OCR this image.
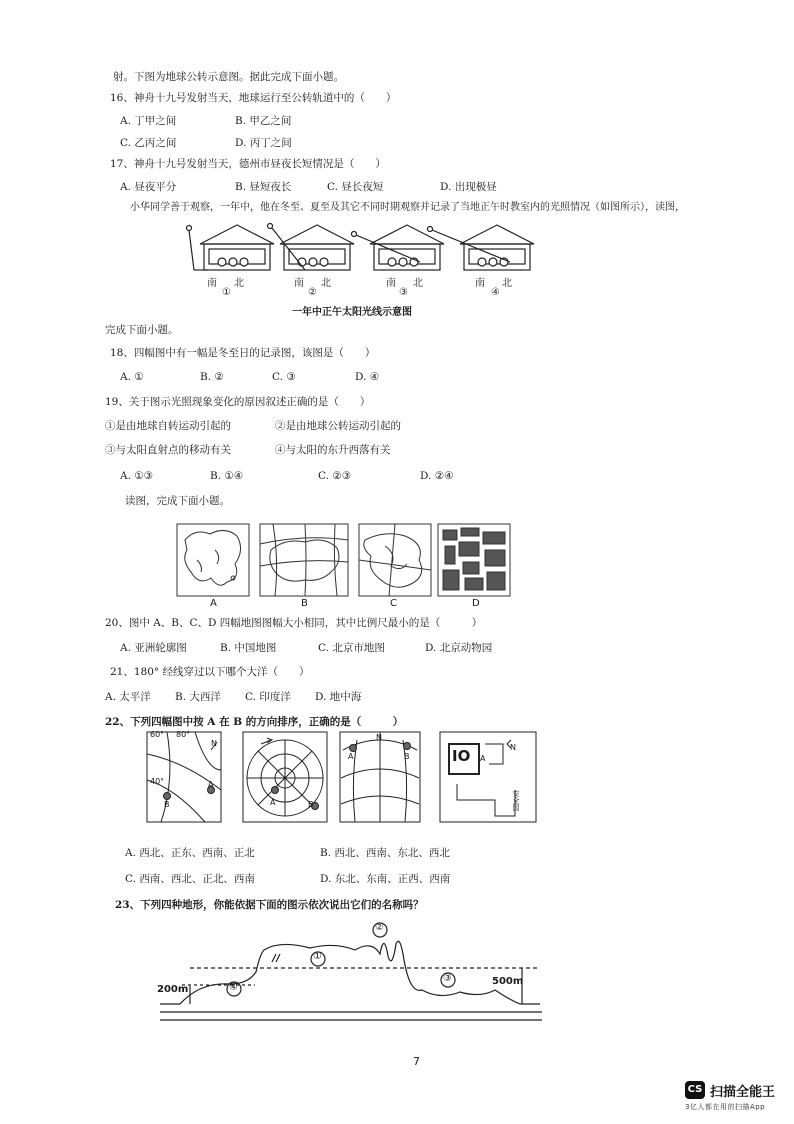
射。下图为地球公转示意图。据此完成下面小题。
16、神舟十九号发射当天，地球运行至公转轨道中的（　　）
A. 丁甲之间	B. 甲乙之间
C. 乙丙之间	D. 丙丁之间
17、神舟十九号发射当天，德州市昼夜长短情况是（　　）
A. 昼夜平分	B. 昼短夜长	C. 昼长夜短	D. 出现极昼
小华同学善于观察，一年中，他在冬至、夏至及其它不同时期观察并记录了当地正午时教室内的光照情况（如图所示），读图，
南 北
①
南 北
②
南 北
③
南 北
④
一年中正午太阳光线示意图
完成下面小题。
18、四幅图中有一幅是冬至日的记录图，该图是（　　）
A. ①	B. ②	C. ③	D. ④
19、关于图示光照现象变化的原因叙述正确的是（　　）
①是由地球自转运动引起的	②是由地球公转运动引起的
③与太阳直射点的移动有关	④与太阳的东升西落有关
A. ①③	B. ①④	C. ②③	D. ②④
读图，完成下面小题。
A	B	C	D
20、图中 A、B、C、D 四幅地图图幅大小相同，其中比例尺最小的是（　　　）
A. 亚洲轮廓图	B. 中国地图	C. 北京市地图	D. 北京动物园
21、180° 经线穿过以下哪个大洋（　　）
A. 太平洋 B. 大西洋 C. 印度洋 D. 地中海
22、下列四幅图中按 A 在 B 的方向排序，正确的是（　　　）
60° 80°
40°
N
B
A
A	B
N
A	B	IO	N
A
安全园
A. 西北、正东、西南、正北	B. 西北、西南、东北、西北
C. 西南、西北、正北、西南	D. 东北、东南、正西、西南
23、下列四种地形，你能依据下面的图示依次说出它们的名称吗？
200m
500m
①
②
③
④
7
CS 扫描全能王
3亿人都在用的扫描App
